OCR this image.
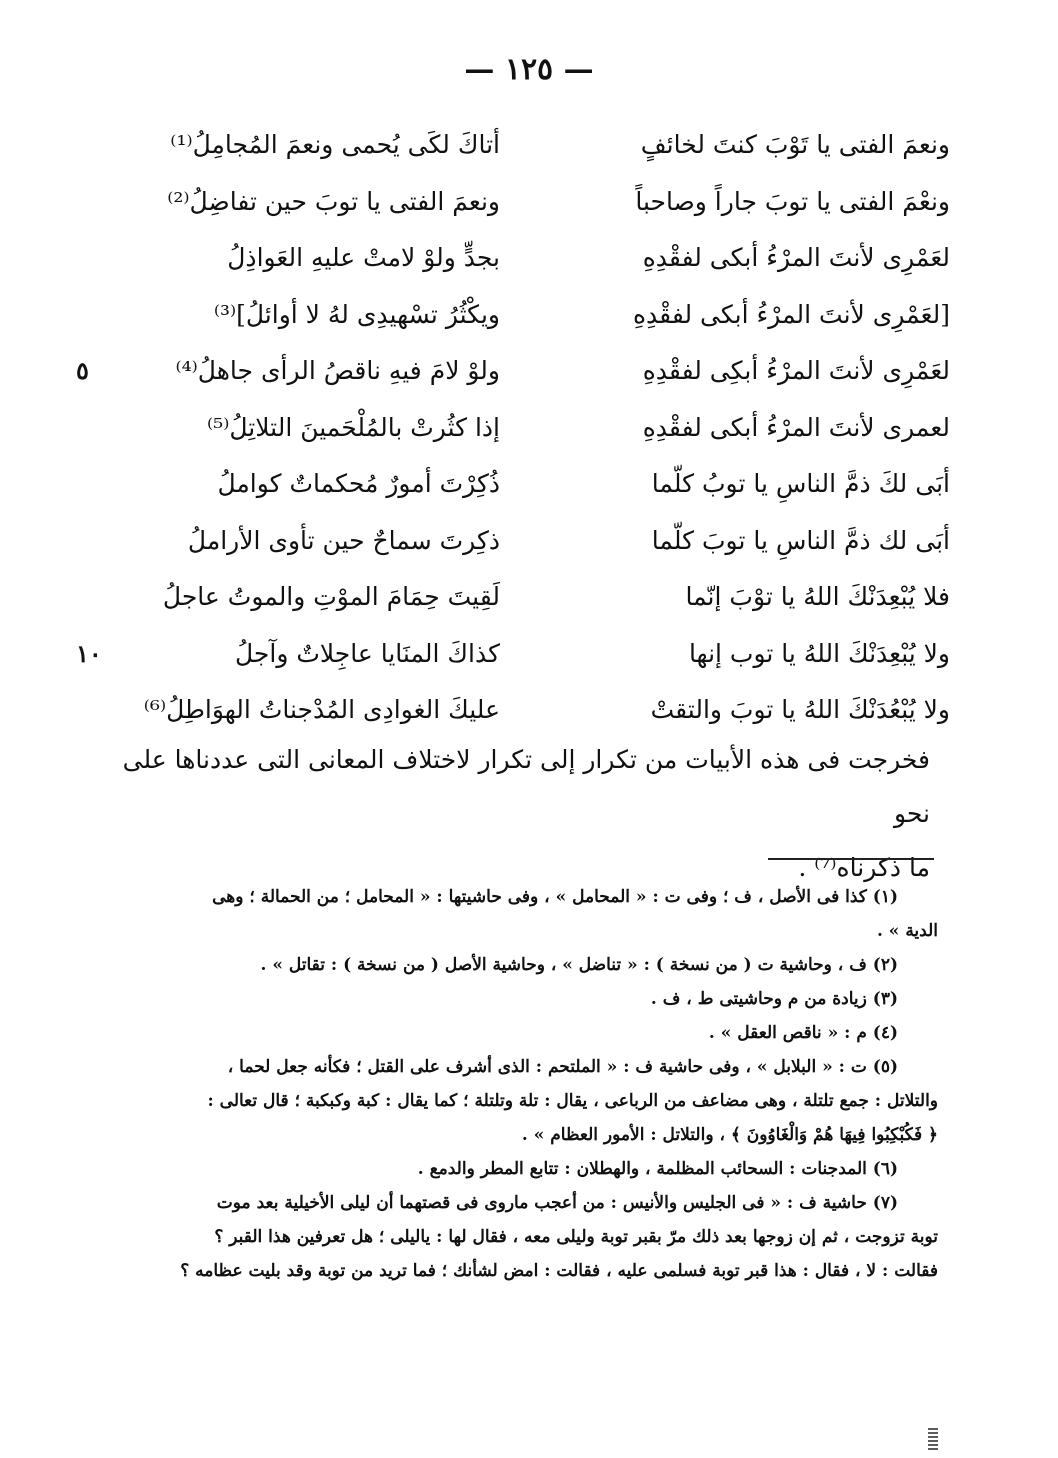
— ١٢٥ —
ونعمَ الفتى يا تَوْبَ كنتَ لخائفٍ
أتاكَ لكَى يُحمى ونعمَ المُجامِلُ⁽¹⁾
ونعْمَ الفتى يا توبَ جاراً وصاحباً
ونعمَ الفتى يا توبَ حين تفاضِلُ⁽²⁾
لعَمْرِى لأنتَ المرْءُ أبكى لفقْدِهِ
بجدٍّ ولوْ لامتْ عليهِ العَواذِلُ
[لعَمْرِى لأنتَ المرْءُ أبكى لفقْدِهِ
ويكْثُرُ تسْهيدِى لهُ لا أوائلُ]⁽³⁾
لعَمْرِى لأنتَ المرْءُ أبكِى لفقْدِهِ
ولوْ لامَ فيهِ ناقصُ الرأى جاهلُ⁽⁴⁾
٥
لعمرى لأنتَ المرْءُ أبكى لفقْدِهِ
إذا كثُرتْ بالمُلْحَمينَ التلاتِلُ⁽⁵⁾
أبَى لكَ ذمَّ الناسِ يا توبُ كلّما
ذُكِرْتَ أمورٌ مُحكماتٌ كواملُ
أبَى لك ذمَّ الناسِ يا توبَ كلّما
ذكِرتَ سماحٌ حين تأوى الأراملُ
فلا يُبْعِدَنْكَ اللهُ يا توْبَ إنّما
لَقِيتَ حِمَامَ الموْتِ والموتُ عاجلُ
ولا يُبْعِدَنْكَ اللهُ يا توب إنها
كذاكَ المنَايا عاجِلاتٌ وآجلُ
١٠
ولا يُبْعُدَنْكَ اللهُ يا توبَ والتقتْ
عليكَ الغوادِى المُدْجناتُ الهوَاطِلُ⁽⁶⁾
فخرجت فى هذه الأبيات من تكرار إلى تكرار لاختلاف المعانى التى عددناها على نحو
ما ذكرناه⁽⁷⁾ .

(١) كذا فى الأصل ، ف ؛ وفى ت : « المحامل » ، وفى حاشيتها : « المحامل ؛ من الحمالة ؛ وهى

الدية » .

(٢) ف ، وحاشية ت ( من نسخة ) : « تناضل » ، وحاشية الأصل ( من نسخة ) : تقاتل » .

(٣) زيادة من م وحاشيتى ط ، ف .

(٤) م : « ناقص العقل » .

(٥) ت : « البلابل » ، وفى حاشية ف : « الملتحم : الذى أشرف على القتل ؛ فكأنه جعل لحما ،

والتلاتل : جمع تلتلة ، وهى مضاعف من الرباعى ، يقال : تلة وتلتلة ؛ كما يقال : كبة وكبكبة ؛ قال تعالى :

﴿ فَكُبْكِبُوا فِيهَا هُمْ وَالْغَاوُونَ ﴾ ، والتلاتل : الأمور العظام » .

(٦) المدجنات : السحائب المظلمة ، والهطلان : تتابع المطر والدمع .

(٧) حاشية ف : « فى الجليس والأنيس : من أعجب ماروى فى قصتهما أن ليلى الأخيلية بعد موت

توبة تزوجت ، ثم إن زوجها بعد ذلك مرّ بقبر توبة وليلى معه ، فقال لها : ياليلى ؛ هل تعرفين هذا القبر ؟

فقالت : لا ، فقال : هذا قبر توبة فسلمى عليه ، فقالت : امض لشأنك ؛ فما تريد من توبة وقد بليت عظامه ؟
